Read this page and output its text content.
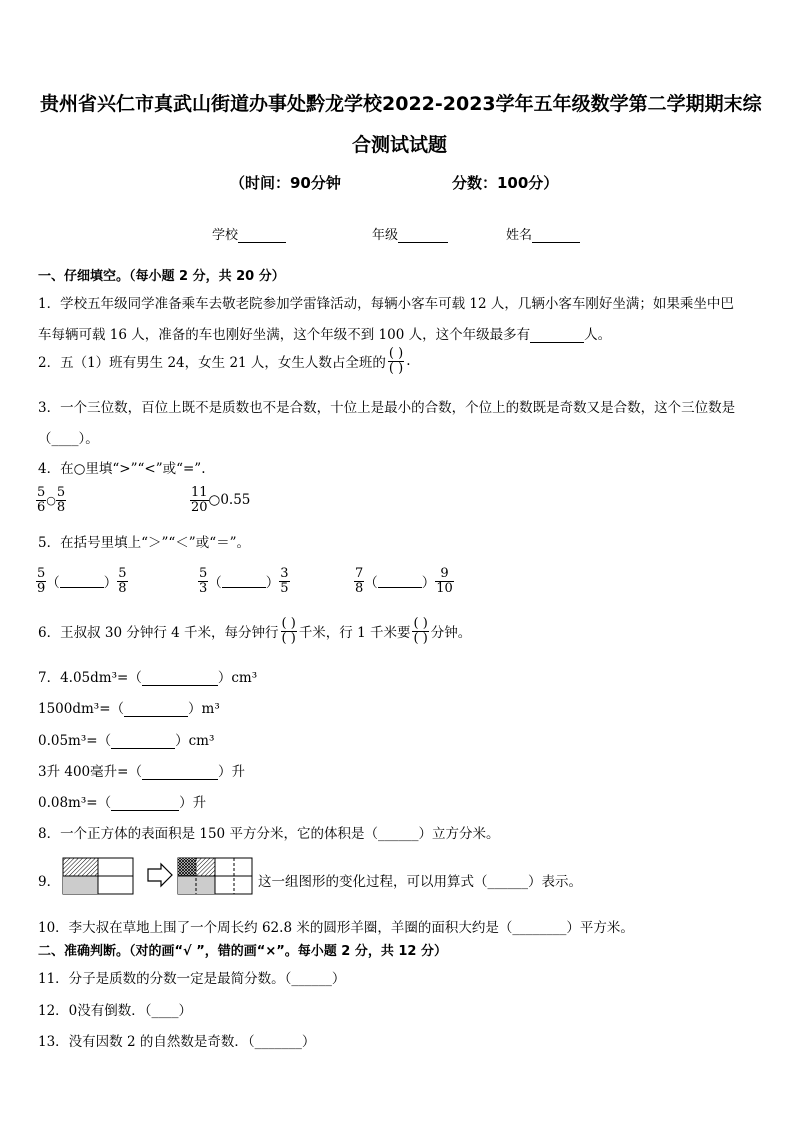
贵州省兴仁市真武山街道办事处黔龙学校2022-2023学年五年级数学第二学期期末综
合测试试题
（时间：90分钟	分数：100分）
学校	年级	姓名
一、仔细填空。（每小题 2 分，共 20 分）
1．学校五年级同学准备乘车去敬老院参加学雷锋活动，每辆小客车可载 12 人，几辆小客车刚好坐满；如果乘坐中巴
车每辆可载 16 人，准备的车也刚好坐满，这个年级不到 100 人，这个年级最多有	人。
2．五（1）班有男生 24，女生 21 人，女生人数占全班的 $\frac{( )}{( )}$ .
3．一个三位数，百位上既不是质数也不是合数，十位上是最小的合数，个位上的数既是奇数又是合数，这个三位数是
（____）。
4．在○里填“>”“<”或“=”.
$\frac{5}{6}$ ○ $\frac{5}{8}$	$\frac{11}{20}$ ○0.55
5．在括号里填上“＞”“＜”或“＝”。
$\frac{5}{9}$ （	） $\frac{5}{8}$	$\frac{5}{3}$ （	） $\frac{3}{5}$	$\frac{7}{8}$ （	） $\frac{9}{10}$
6．王叔叔 30 分钟行 4 千米，每分钟行 $\frac{( )}{( )}$ 千米，行 1 千米要 $\frac{( )}{( )}$ 分钟。
7．4.05dm³=（	）cm³
1500dm³=（	）m³
0.05m³=（	）cm³
3升 400毫升=（	）升
0.08m³=（	）升
8．一个正方体的表面积是 150 平方分米，它的体积是（______）立方分米。
9．	这一组图形的变化过程，可以用算式（______）表示。
10．李大叔在草地上围了一个周长约 62.8 米的圆形羊圈，羊圈的面积大约是（________）平方米。
二、准确判断。（对的画“√ ”，错的画“×”。每小题 2 分，共 12 分）
11．分子是质数的分数一定是最简分数。（______）
12．0没有倒数．（____）
13．没有因数 2 的自然数是奇数．（_______）
